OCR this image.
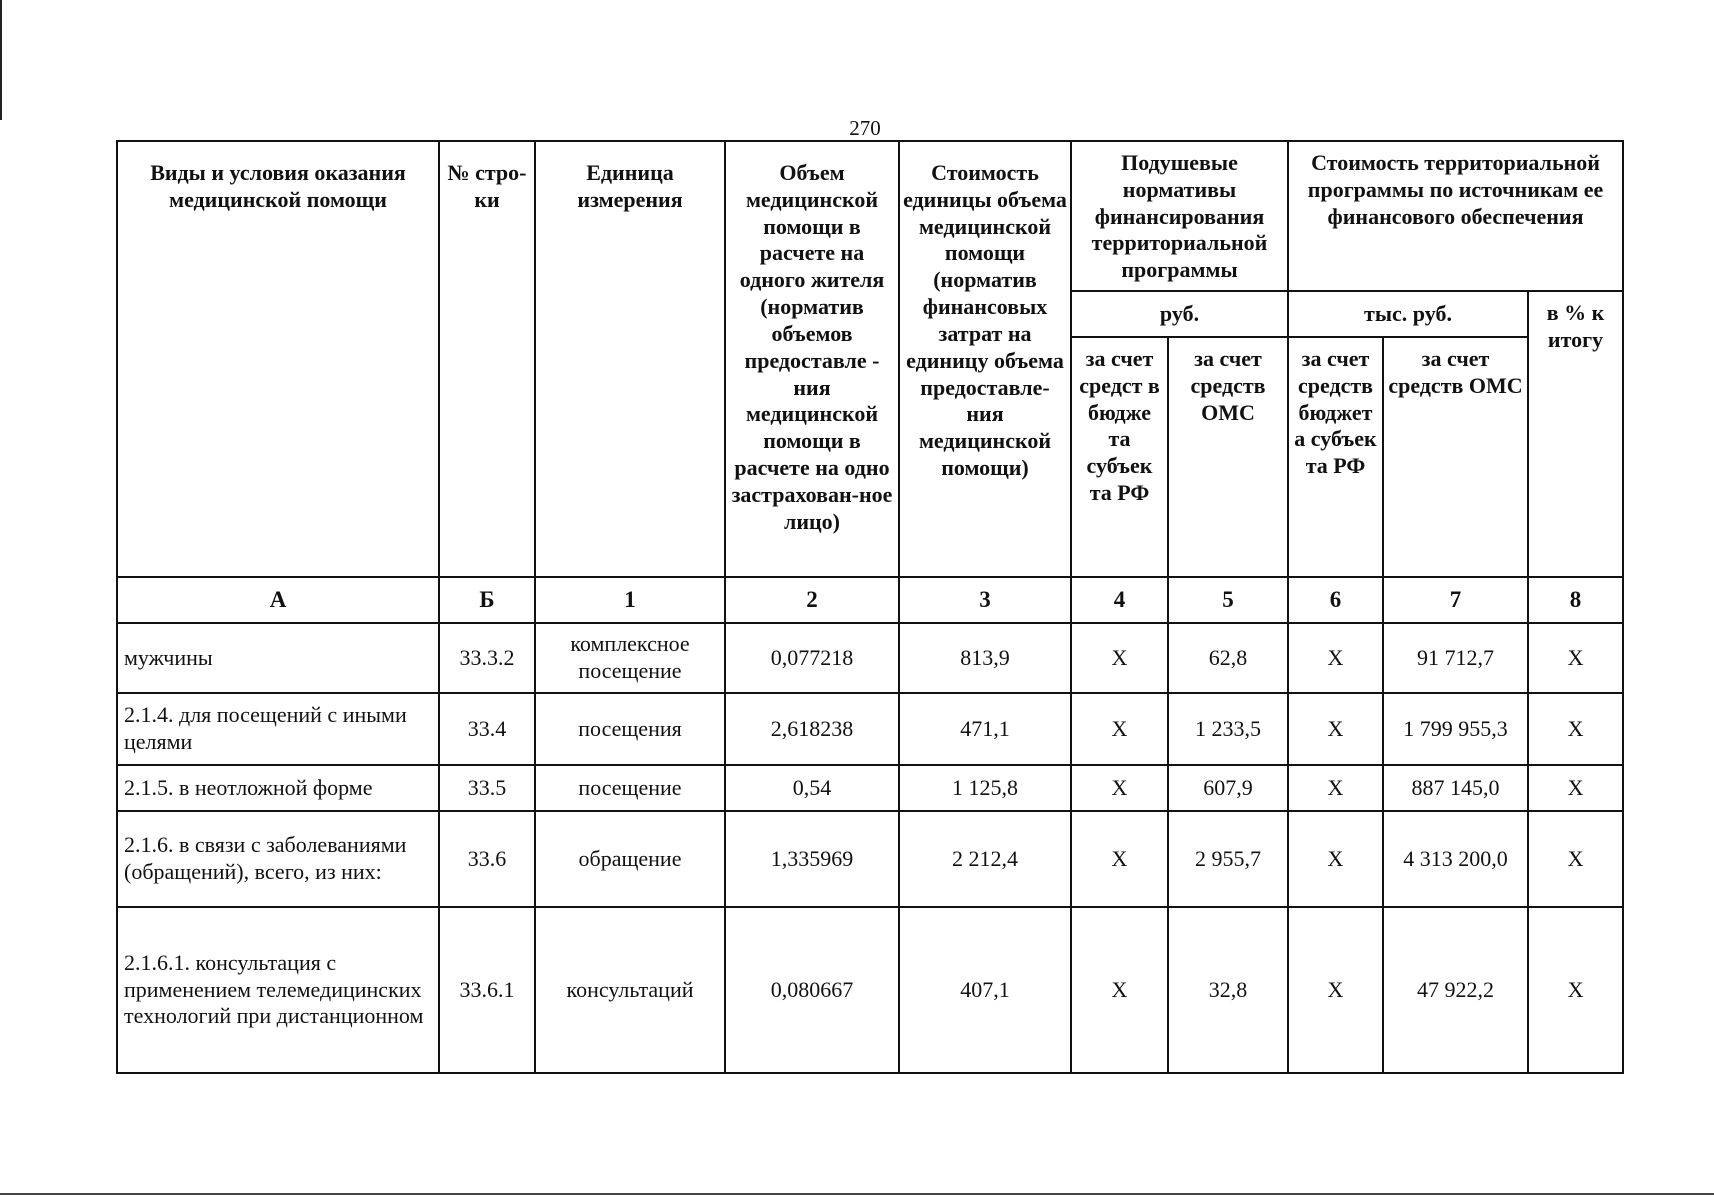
270
Виды и условия оказания медицинской помощи	№ стро-ки	Единица измерения	Объем медицинской помощи в расчете на одного жителя (норматив объемов предоставле - ния медицинской помощи в расчете на одно застрахован-ное лицо)	Стоимость единицы объема медицинской помощи (норматив финансовых затрат на единицу объема предоставле-ния медицинской помощи)	Подушевые нормативы финансирования территориальной программы		Стоимость территориальной программы по источникам ее финансового обеспечения		
					руб.		тыс. руб.		в % к итогу
					за счет средст в бюдже та субъек та РФ	за счет средств ОМС	за счет средств бюджет а субъек та РФ	за счет средств ОМС	

А	Б	1	2	3	4	5	6	7	8
мужчины	33.3.2	комплексное посещение	0,077218	813,9	Х	62,8	Х	91 712,7	Х
2.1.4. для посещений с иными целями	33.4	посещения	2,618238	471,1	Х	1 233,5	Х	1 799 955,3	Х
2.1.5. в неотложной форме	33.5	посещение	0,54	1 125,8	Х	607,9	Х	887 145,0	Х
2.1.6. в связи с заболеваниями (обращений), всего, из них:	33.6	обращение	1,335969	2 212,4	Х	2 955,7	Х	4 313 200,0	Х
2.1.6.1. консультация с применением телемедицинских технологий при дистанционном	33.6.1	консультаций	0,080667	407,1	Х	32,8	Х	47 922,2	Х
